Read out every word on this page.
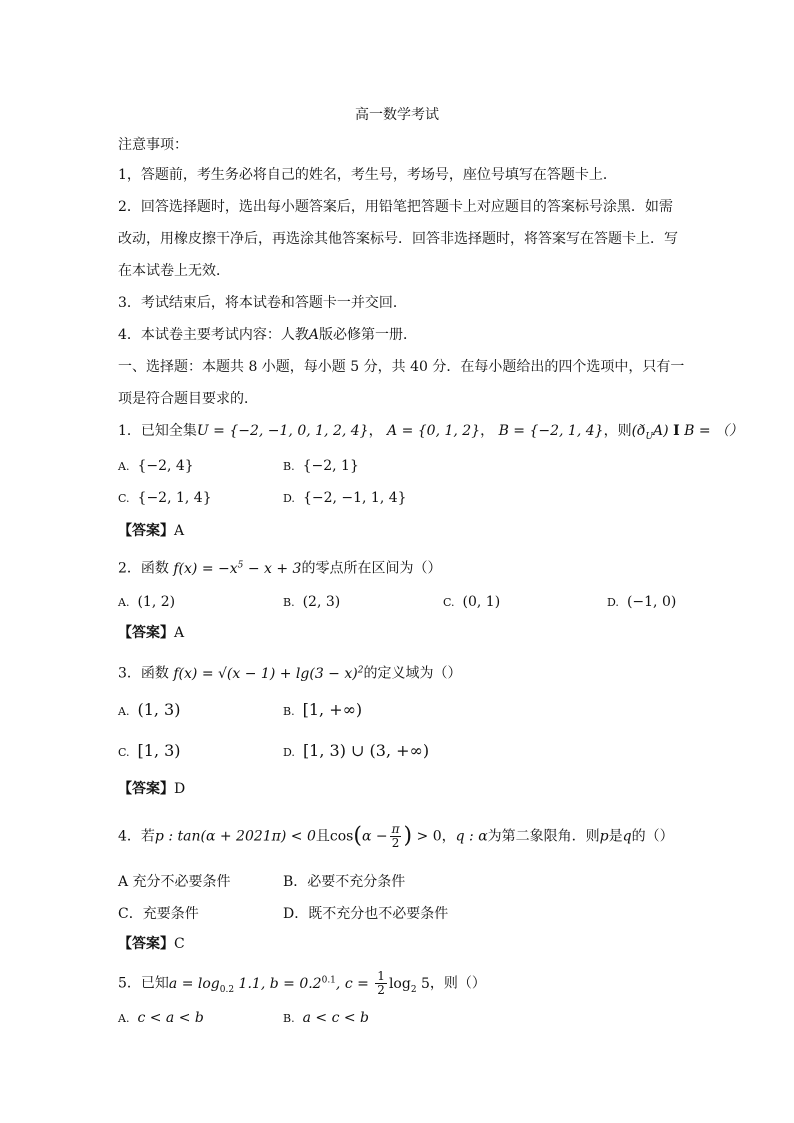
高一数学考试
注意事项：
1，答题前，考生务必将自己的姓名，考生号，考场号，座位号填写在答题卡上．
2．回答选择题时，选出每小题答案后，用铅笔把答题卡上对应题目的答案标号涂黑．如需
改动，用橡皮擦干净后，再选涂其他答案标号．回答非选择题时，将答案写在答题卡上．写
在本试卷上无效．
3．考试结束后，将本试卷和答题卡一并交回．
4．本试卷主要考试内容：人教A版必修第一册．
一、选择题：本题共 8 小题，每小题 5 分，共 40 分．在每小题给出的四个选项中，只有一
项是符合题目要求的．
1．已知全集U = {−2, −1, 0, 1, 2, 4}， A = {0, 1, 2}， B = {−2, 1, 4}，则$(ð_UA)$ I B = （）
A. {−2, 4}	B. {−2, 1}
C. {−2, 1, 4}	D. {−2, −1, 1, 4}
【答案】A
2．函数 $f(x) = -x^5 - x + 3$的零点所在区间为（）
A. (1, 2)	B. (2, 3)	C. (0, 1)	D. (−1, 0)
【答案】A
3．函数 $f(x) = √(x - 1) + \lg(3 - x)^2$的定义域为（）
A. (1, 3)	B. [1, +∞)
C. [1, 3)	D. [1, 3) ∪ (3, +∞)
【答案】D
4．若p : tan(α + 2021π) < 0且$\cos(\alpha - \frac{\pi}{2}$ ) > 0，q : α为第二象限角．则p是q的（）
A 充分不必要条件	B．必要不充分条件
C．充要条件	D．既不充分也不必要条件
【答案】C
5．已知$a = \log_{0.2} 1.1$, $b = 0.2^{0.1}$, $c = \frac{1}{2} \log_2 5$，则（）
A. c < a < b	B. a < c < b
